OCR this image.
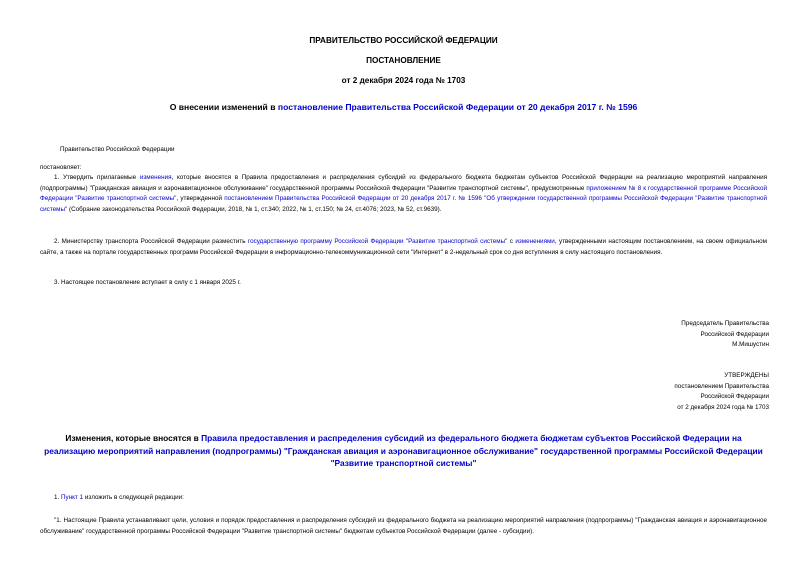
ПРАВИТЕЛЬСТВО РОССИЙСКОЙ ФЕДЕРАЦИИ
ПОСТАНОВЛЕНИЕ
от 2 декабря 2024 года № 1703
О внесении изменений в постановление Правительства Российской Федерации от 20 декабря 2017 г. № 1596
Правительство Российской Федерации
постановляет:
1. Утвердить прилагаемые изменения, которые вносятся в Правила предоставления и распределения субсидий из федерального бюджета бюджетам субъектов Российской Федерации на реализацию мероприятий направления (подпрограммы) "Гражданская авиация и аэронавигационное обслуживание" государственной программы Российской Федерации "Развитие транспортной системы", предусмотренные приложением № 8 к государственной программе Российской Федерации "Развитие транспортной системы", утвержденной постановлением Правительства Российской Федерации от 20 декабря 2017 г. № 1596 "Об утверждении государственной программы Российской Федерации "Развитие транспортной системы" (Собрание законодательства Российской Федерации, 2018, № 1, ст.340; 2022, № 1, ст.150; № 24, ст.4076; 2023, № 52, ст.9639).
2. Министерству транспорта Российской Федерации разместить государственную программу Российской Федерации "Развитие транспортной системы" с изменениями, утвержденными настоящим постановлением, на своем официальном сайте, а также на портале государственных программ Российской Федерации в информационно-телекоммуникационной сети "Интернет" в 2-недельный срок со дня вступления в силу настоящего постановления.
3. Настоящее постановление вступает в силу с 1 января 2025 г.
Председатель Правительства
Российской Федерации
М.Мишустин
УТВЕРЖДЕНЫ
постановлением Правительства
Российской Федерации
от 2 декабря 2024 года № 1703
Изменения, которые вносятся в Правила предоставления и распределения субсидий из федерального бюджета бюджетам субъектов Российской Федерации на реализацию мероприятий направления (подпрограммы) "Гражданская авиация и аэронавигационное обслуживание" государственной программы Российской Федерации "Развитие транспортной системы"
1. Пункт 1 изложить в следующей редакции:
"1. Настоящие Правила устанавливают цели, условия и порядок предоставления и распределения субсидий из федерального бюджета на реализацию мероприятий направления (подпрограммы) "Гражданская авиация и аэронавигационное обслуживание" государственной программы Российской Федерации "Развитие транспортной системы" бюджетам субъектов Российской Федерации (далее - субсидии).
